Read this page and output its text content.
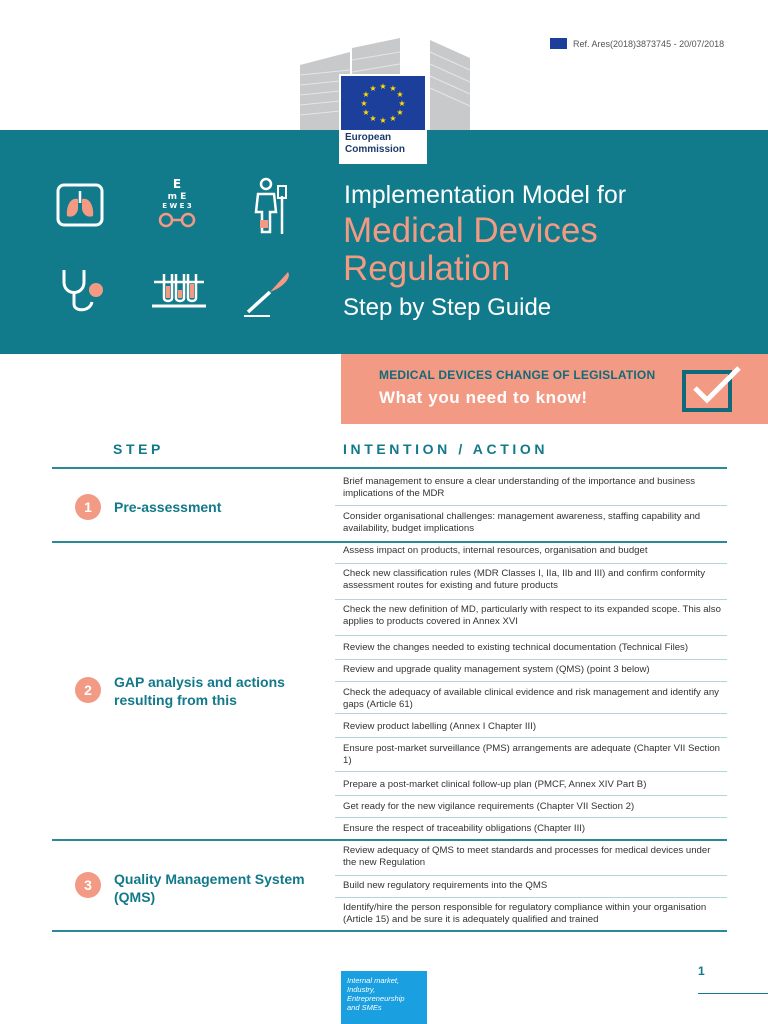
Ref. Ares(2018)3873745 - 20/07/2018
★ ★
★
★
★
★
★
★
★
★
★
★
European
Commission
E
m E
E W E 3	Implementation Model for
Medical Devices
Regulation
Step by Step Guide
MEDICAL DEVICES CHANGE OF LEGISLATION
What you need to know!
STEP	INTENTION / ACTION
1	Pre-assessment
Brief management to ensure a clear understanding of the importance and business implications of the MDR
Consider organisational challenges: management awareness, staffing capability and availability, budget implications
2	GAP analysis and actions resulting from this
Assess impact on products, internal resources, organisation and budget
Check new classification rules (MDR Classes I, IIa, IIb and III) and confirm conformity assessment routes for existing and future products
Check the new definition of MD, particularly with respect to its expanded scope. This also applies to products covered in Annex XVI
Review the changes needed to existing technical documentation (Technical Files)
Review and upgrade quality management system (QMS) (point 3 below)
Check the adequacy of available clinical evidence and risk management and identify any gaps (Article 61)
Review product labelling (Annex I Chapter III)
Ensure post-market surveillance (PMS) arrangements are adequate (Chapter VII Section 1)
Prepare a post-market clinical follow-up plan (PMCF, Annex XIV Part B)
Get ready for the new vigilance requirements (Chapter VII Section 2)
Ensure the respect of traceability obligations (Chapter III)
3	Quality Management System (QMS)
Review adequacy of QMS to meet standards and processes for medical devices under the new Regulation
Build new regulatory requirements into the QMS
Identify/hire the person responsible for regulatory compliance within your organisation (Article 15) and be sure it is adequately qualified and trained
1
Internal market,
Industry,
Entrepreneurship
and SMEs
